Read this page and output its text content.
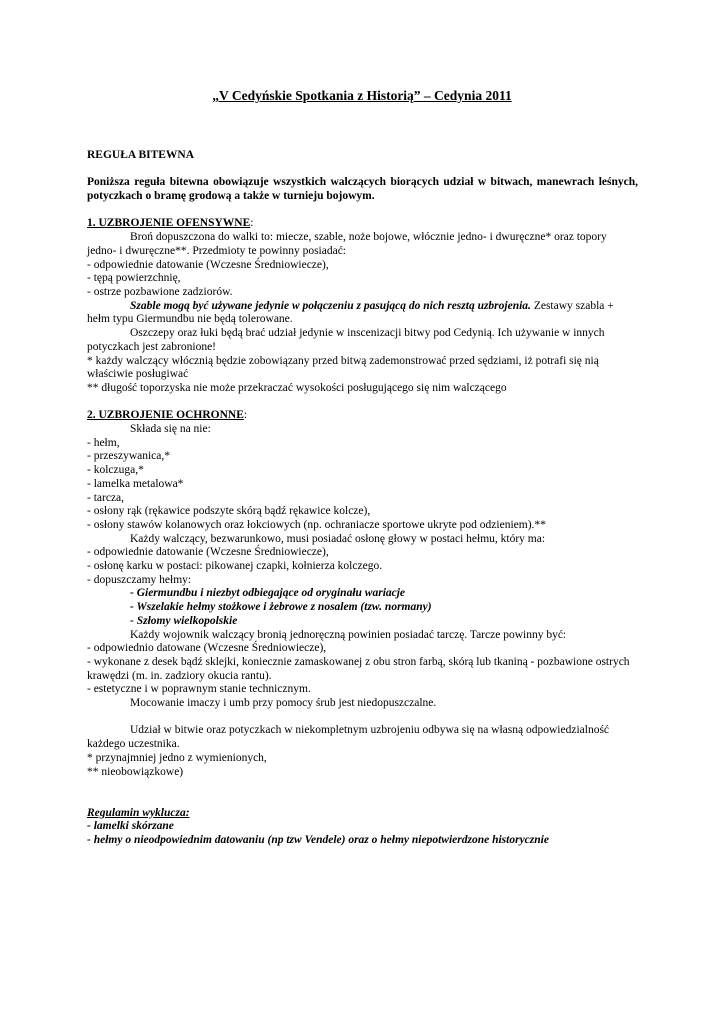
„V Cedyńskie Spotkania z Historią” – Cedynia 2011

REGUŁA BITEWNA

Poniższa reguła bitewna obowiązuje wszystkich walczących biorących udział w bitwach, manewrach leśnych, potyczkach o bramę grodową a także w turnieju bojowym.

1. UZBROJENIE OFENSYWNE:

Broń dopuszczona do walki to: miecze, szable, noże bojowe, włócznie jedno- i dwuręczne* oraz topory jedno- i dwuręczne**. Przedmioty te powinny posiadać:

- odpowiednie datowanie (Wczesne Średniowiecze),

- tępą powierzchnię,

- ostrze pozbawione zadziorów.

Szable mogą być używane jedynie w połączeniu z pasującą do nich resztą uzbrojenia. Zestawy szabla + hełm typu Giermundbu nie będą tolerowane.

Oszczepy oraz łuki będą brać udział jedynie w inscenizacji bitwy pod Cedynią. Ich używanie w innych potyczkach jest zabronione!

* każdy walczący włócznią będzie zobowiązany przed bitwą zademonstrować przed sędziami, iż potrafi się nią właściwie posługiwać

** długość toporzyska nie może przekraczać wysokości posługującego się nim walczącego

2. UZBROJENIE OCHRONNE:

Składa się na nie:

- hełm,

- przeszywanica,*

- kolczuga,*

- lamelka metalowa*

- tarcza,

- osłony rąk (rękawice podszyte skórą bądź rękawice kolcze),

- osłony stawów kolanowych oraz łokciowych (np. ochraniacze sportowe ukryte pod odzieniem).**

Każdy walczący, bezwarunkowo, musi posiadać osłonę głowy w postaci hełmu, który ma:

- odpowiednie datowanie (Wczesne Średniowiecze),

- osłonę karku w postaci: pikowanej czapki, kołnierza kolczego.

- dopuszczamy hełmy:

- Giermundbu i niezbyt odbiegające od oryginału wariacje

- Wszelakie hełmy stożkowe i żebrowe z nosalem (tzw. normany)

- Szłomy wielkopolskie

Każdy wojownik walczący bronią jednoręczną powinien posiadać tarczę. Tarcze powinny być:

- odpowiednio datowane (Wczesne Średniowiecze),

- wykonane z desek bądź sklejki, koniecznie zamaskowanej z obu stron farbą, skórą lub tkaniną - pozbawione ostrych krawędzi (m. in. zadziory okucia rantu).

- estetyczne i w poprawnym stanie technicznym.

Mocowanie imaczy i umb przy pomocy śrub jest niedopuszczalne.

Udział w bitwie oraz potyczkach w niekompletnym uzbrojeniu odbywa się na własną odpowiedzialność każdego uczestnika.

* przynajmniej jedno z wymienionych,

** nieobowiązkowe)

Regulamin wyklucza:

- lamelki skórzane

- hełmy o nieodpowiednim datowaniu (np tzw Vendele) oraz o hełmy niepotwierdzone historycznie
